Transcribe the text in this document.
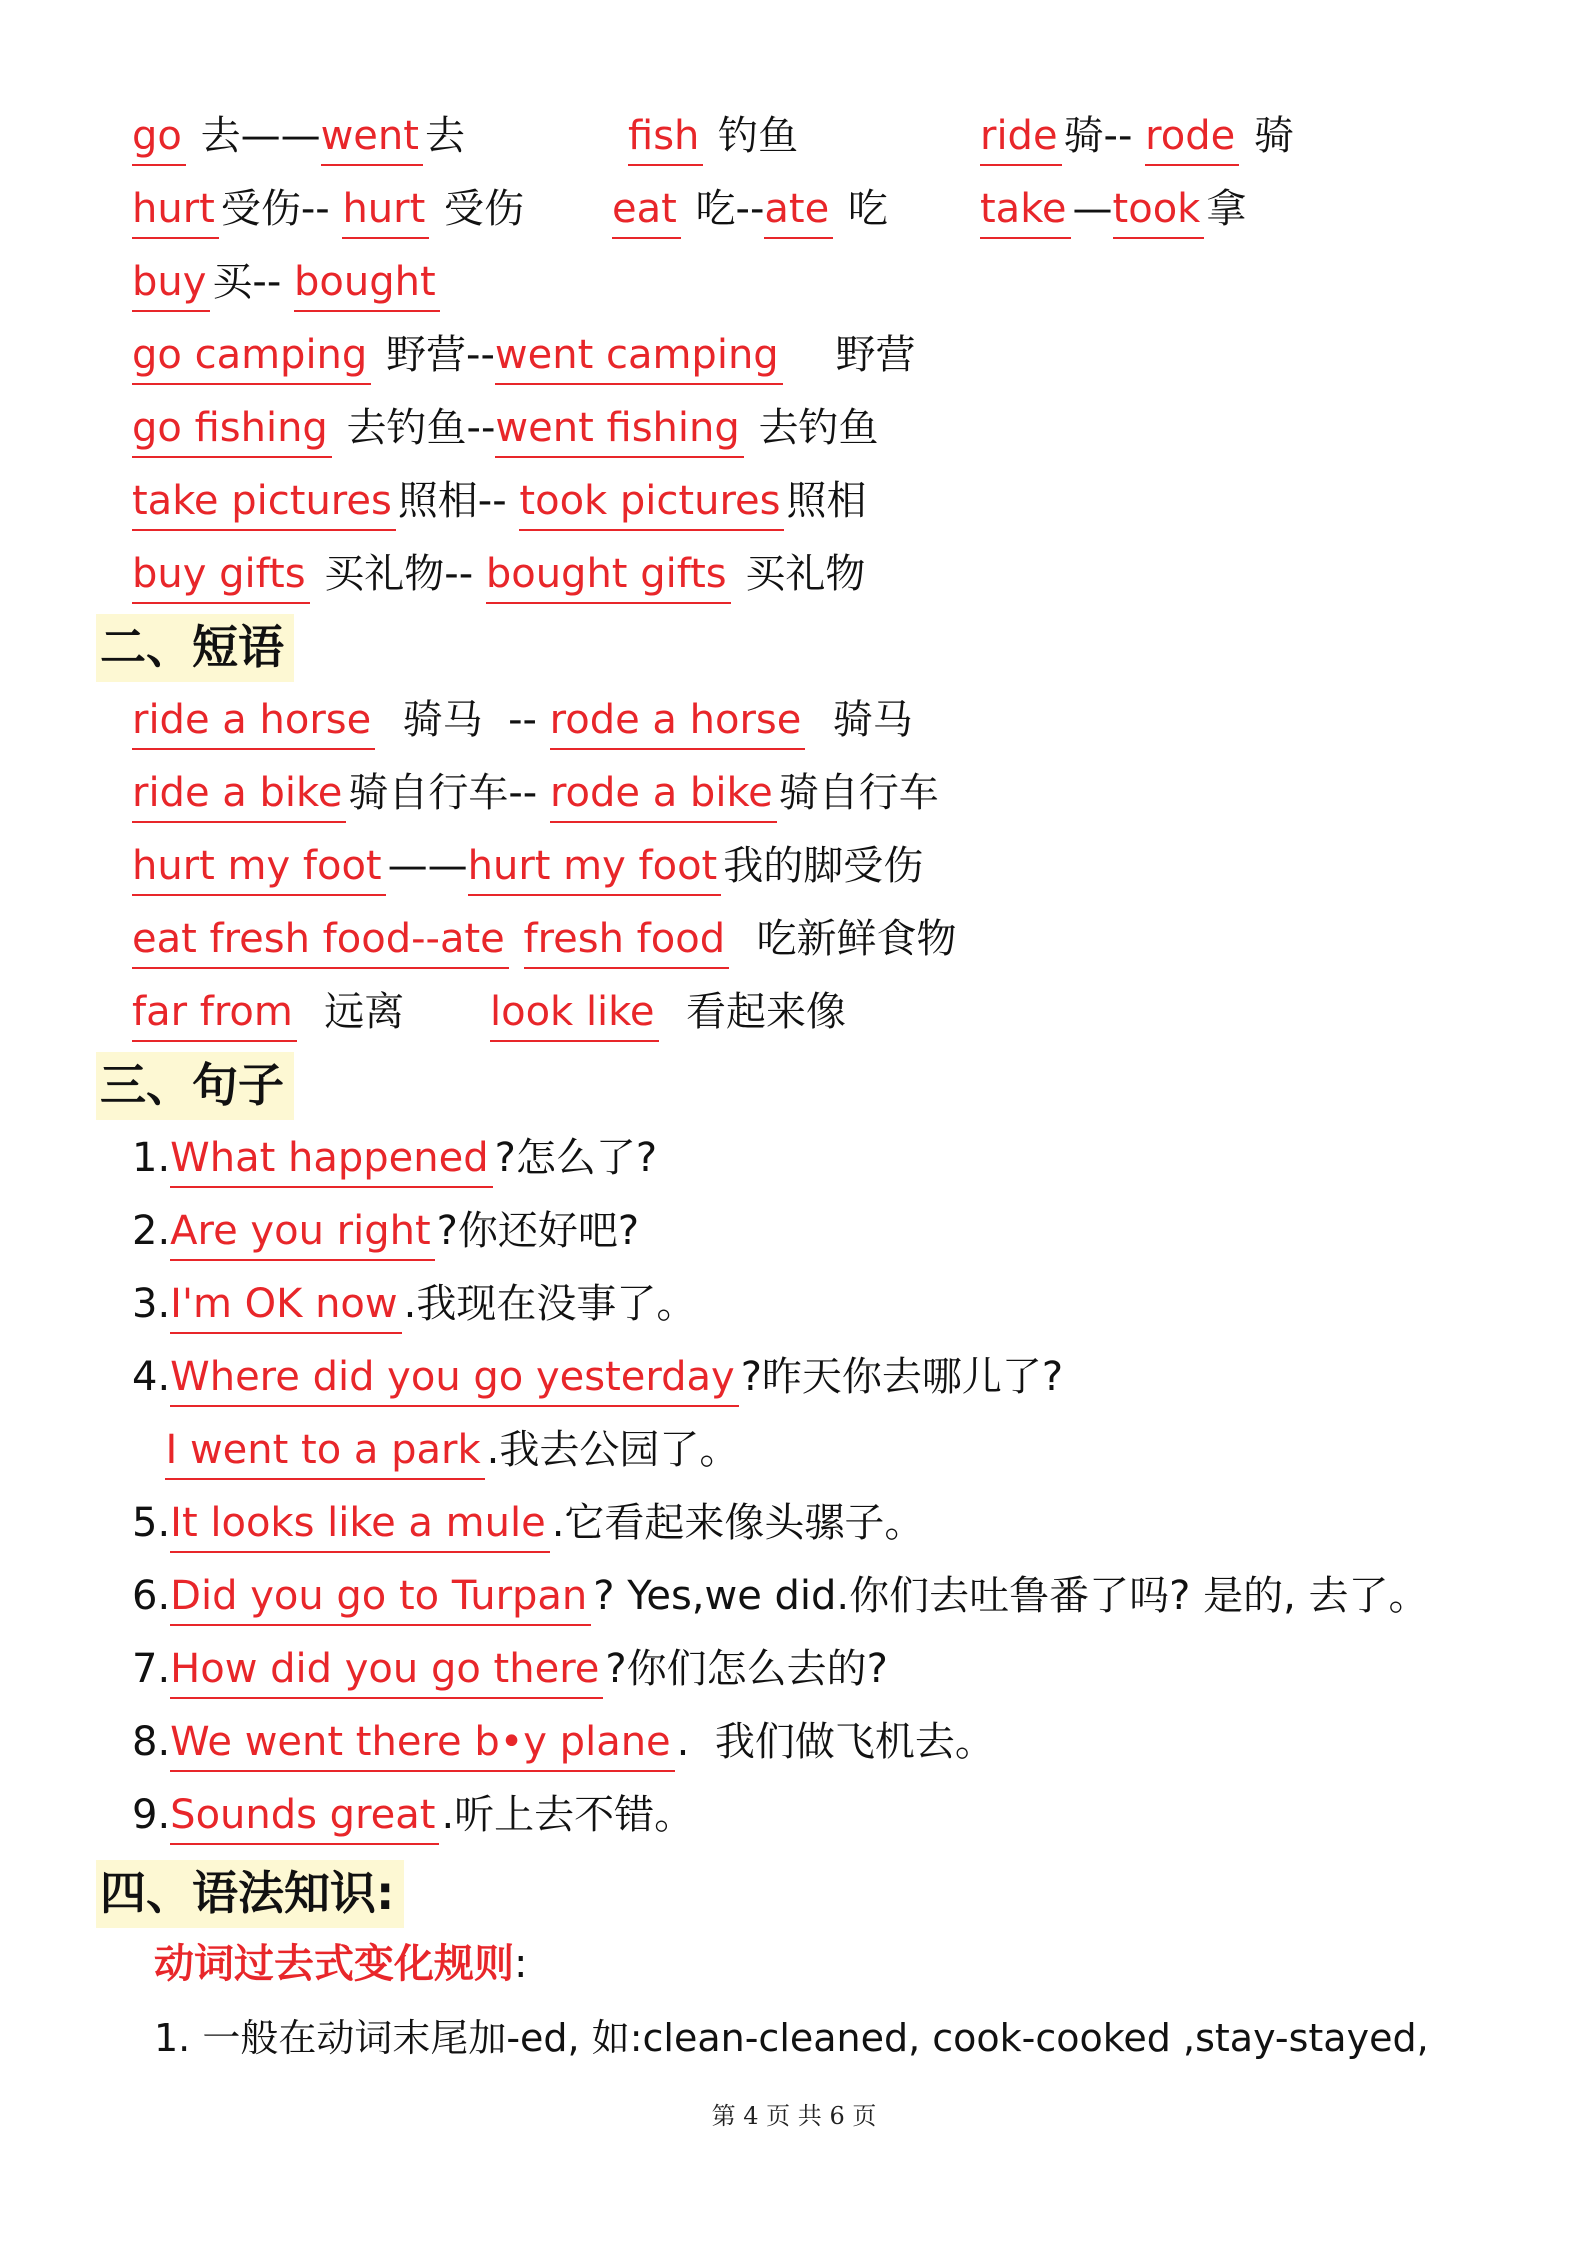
go 去——went 去	fish 钓鱼	ride 骑-- rode 骑
hurt 受伤-- hurt 受伤 eat 吃--ate 吃 take —took 拿
buy 买-- bought
go camping 野营--went camping    野营
go fishing 去钓鱼--went fishing 去钓鱼
take pictures 照相-- took pictures 照相
buy gifts 买礼物-- bought gifts 买礼物
二、短语
ride a horse  骑马  -- rode a horse  骑马
ride a bike 骑自行车-- rode a bike 骑自行车
hurt my foot ——hurt my foot 我的脚受伤
eat fresh food--ate fresh food  吃新鲜食物
far from  远离 look like  看起来像
三、句子
1.What happened ?怎么了?
2.Are you right ?你还好吧?
3.I'm OK now .我现在没事了。
4.Where did you go yesterday ?昨天你去哪儿了?
I went to a park .我去公园了。
5.It looks like a mule .它看起来像头骡子。
6.Did you go to Turpan ? Yes,we did.你们去吐鲁番了吗? 是的, 去了。
7.How did you go there ?你们怎么去的?
8.We went there b•y plane .  我们做飞机去。
9.Sounds great .听上去不错。
四、语法知识:
动词过去式变化规则:
1. 一般在动词末尾加-ed, 如:clean-cleaned, cook-cooked ,stay-stayed,
第 4 页 共 6 页
